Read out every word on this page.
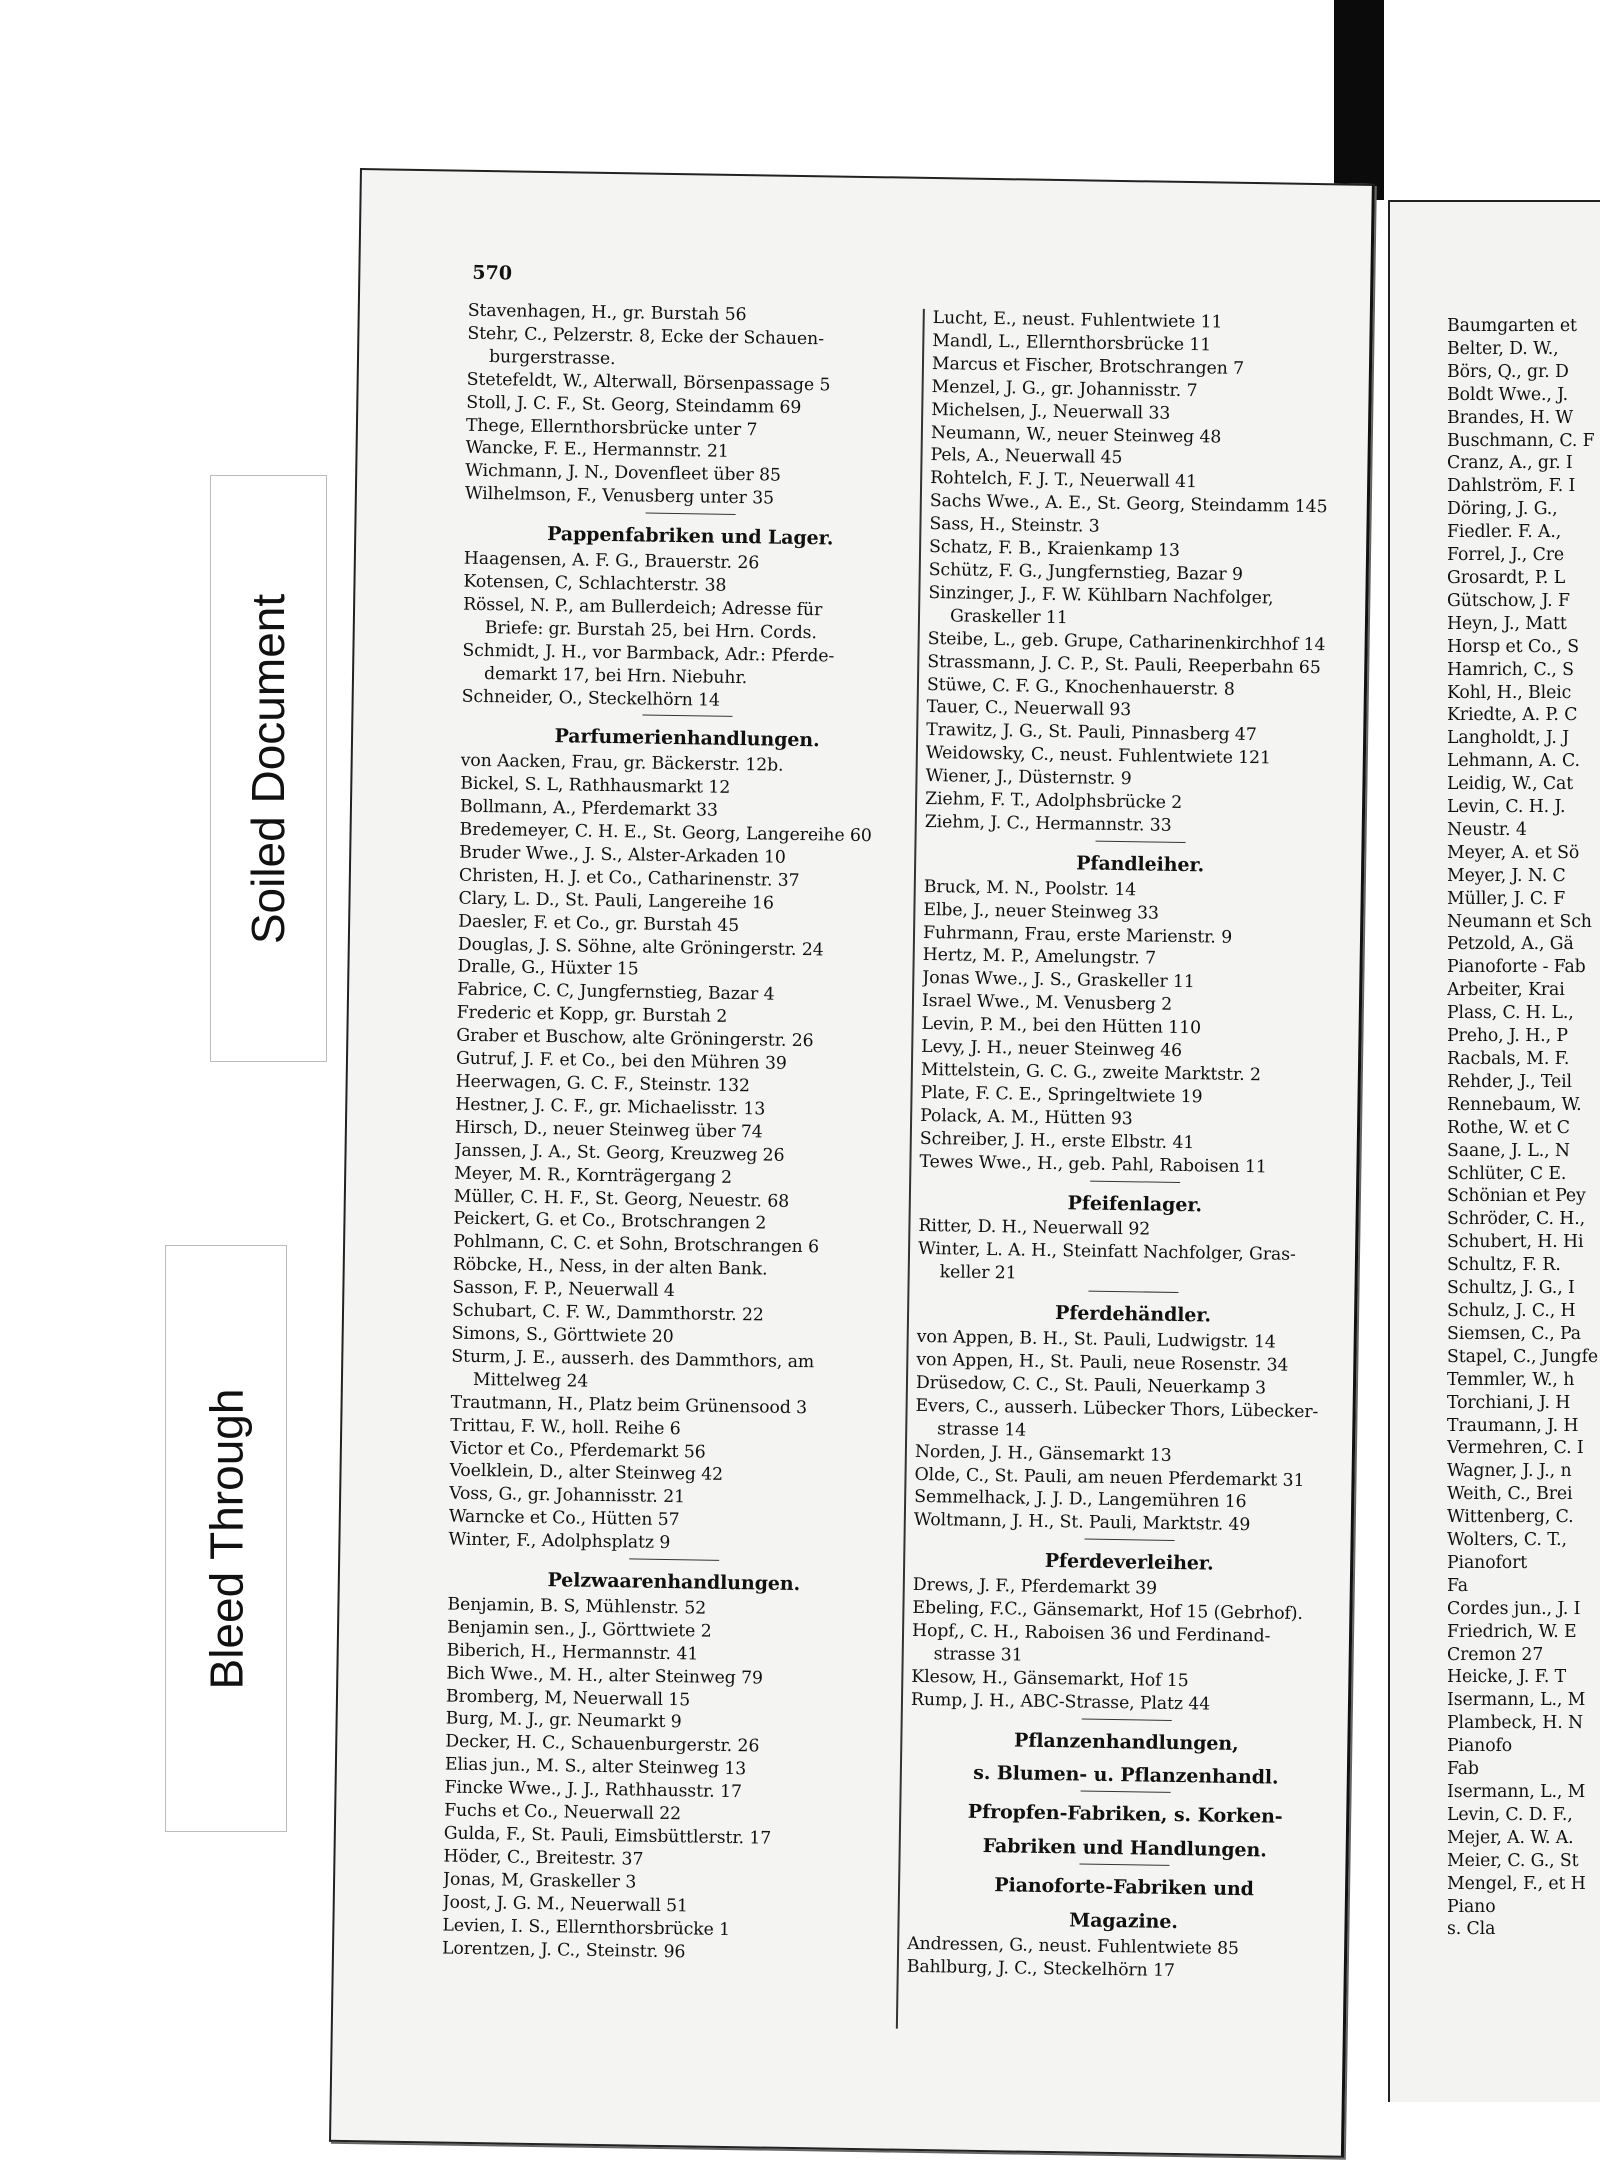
570
Stavenhagen, H., gr. Burstah 56
Stehr, C., Pelzerstr. 8, Ecke der Schauen-
burgerstrasse.
Stetefeldt, W., Alterwall, Börsenpassage 5
Stoll, J. C. F., St. Georg, Steindamm 69
Thege, Ellernthorsbrücke unter 7
Wancke, F. E., Hermannstr. 21
Wichmann, J. N., Dovenfleet über 85
Wilhelmson, F., Venusberg unter 35
Pappenfabriken und Lager.
Haagensen, A. F. G., Brauerstr. 26
Kotensen, C, Schlachterstr. 38
Rössel, N. P., am Bullerdeich; Adresse für
Briefe: gr. Burstah 25, bei Hrn. Cords.
Schmidt, J. H., vor Barmback, Adr.: Pferde-
demarkt 17, bei Hrn. Niebuhr.
Schneider, O., Steckelhörn 14
Parfumerienhandlungen.
von Aacken, Frau, gr. Bäckerstr. 12b.
Bickel, S. L, Rathhausmarkt 12
Bollmann, A., Pferdemarkt 33
Bredemeyer, C. H. E., St. Georg, Langereihe 60
Bruder Wwe., J. S., Alster-Arkaden 10
Christen, H. J. et Co., Catharinenstr. 37
Clary, L. D., St. Pauli, Langereihe 16
Daesler, F. et Co., gr. Burstah 45
Douglas, J. S. Söhne, alte Gröningerstr. 24
Dralle, G., Hüxter 15
Fabrice, C. C, Jungfernstieg, Bazar 4
Frederic et Kopp, gr. Burstah 2
Graber et Buschow, alte Gröningerstr. 26
Gutruf, J. F. et Co., bei den Mühren 39
Heerwagen, G. C. F., Steinstr. 132
Hestner, J. C. F., gr. Michaelisstr. 13
Hirsch, D., neuer Steinweg über 74
Janssen, J. A., St. Georg, Kreuzweg 26
Meyer, M. R., Kornträgergang 2
Müller, C. H. F., St. Georg, Neuestr. 68
Peickert, G. et Co., Brotschrangen 2
Pohlmann, C. C. et Sohn, Brotschrangen 6
Röbcke, H., Ness, in der alten Bank.
Sasson, F. P., Neuerwall 4
Schubart, C. F. W., Dammthorstr. 22
Simons, S., Görttwiete 20
Sturm, J. E., ausserh. des Dammthors, am
Mittelweg 24
Trautmann, H., Platz beim Grünensood 3
Trittau, F. W., holl. Reihe 6
Victor et Co., Pferdemarkt 56
Voelklein, D., alter Steinweg 42
Voss, G., gr. Johannisstr. 21
Warncke et Co., Hütten 57
Winter, F., Adolphsplatz 9
Pelzwaarenhandlungen.
Benjamin, B. S, Mühlenstr. 52
Benjamin sen., J., Görttwiete 2
Biberich, H., Hermannstr. 41
Bich Wwe., M. H., alter Steinweg 79
Bromberg, M, Neuerwall 15
Burg, M. J., gr. Neumarkt 9
Decker, H. C., Schauenburgerstr. 26
Elias jun., M. S., alter Steinweg 13
Fincke Wwe., J. J., Rathhausstr. 17
Fuchs et Co., Neuerwall 22
Gulda, F., St. Pauli, Eimsbüttlerstr. 17
Höder, C., Breitestr. 37
Jonas, M, Graskeller 3
Joost, J. G. M., Neuerwall 51
Levien, I. S., Ellernthorsbrücke 1
Lorentzen, J. C., Steinstr. 96
Lucht, E., neust. Fuhlentwiete 11
Mandl, L., Ellernthorsbrücke 11
Marcus et Fischer, Brotschrangen 7
Menzel, J. G., gr. Johannisstr. 7
Michelsen, J., Neuerwall 33
Neumann, W., neuer Steinweg 48
Pels, A., Neuerwall 45
Rohtelch, F. J. T., Neuerwall 41
Sachs Wwe., A. E., St. Georg, Steindamm 145
Sass, H., Steinstr. 3
Schatz, F. B., Kraienkamp 13
Schütz, F. G., Jungfernstieg, Bazar 9
Sinzinger, J., F. W. Kühlbarn Nachfolger,
Graskeller 11
Steibe, L., geb. Grupe, Catharinenkirchhof 14
Strassmann, J. C. P., St. Pauli, Reeperbahn 65
Stüwe, C. F. G., Knochenhauerstr. 8
Tauer, C., Neuerwall 93
Trawitz, J. G., St. Pauli, Pinnasberg 47
Weidowsky, C., neust. Fuhlentwiete 121
Wiener, J., Düsternstr. 9
Ziehm, F. T., Adolphsbrücke 2
Ziehm, J. C., Hermannstr. 33
Pfandleiher.
Bruck, M. N., Poolstr. 14
Elbe, J., neuer Steinweg 33
Fuhrmann, Frau, erste Marienstr. 9
Hertz, M. P., Amelungstr. 7
Jonas Wwe., J. S., Graskeller 11
Israel Wwe., M. Venusberg 2
Levin, P. M., bei den Hütten 110
Levy, J. H., neuer Steinweg 46
Mittelstein, G. C. G., zweite Marktstr. 2
Plate, F. C. E., Springeltwiete 19
Polack, A. M., Hütten 93
Schreiber, J. H., erste Elbstr. 41
Tewes Wwe., H., geb. Pahl, Raboisen 11
Pfeifenlager.
Ritter, D. H., Neuerwall 92
Winter, L. A. H., Steinfatt Nachfolger, Gras-
keller 21
Pferdehändler.
von Appen, B. H., St. Pauli, Ludwigstr. 14
von Appen, H., St. Pauli, neue Rosenstr. 34
Drüsedow, C. C., St. Pauli, Neuerkamp 3
Evers, C., ausserh. Lübecker Thors, Lübecker-
strasse 14
Norden, J. H., Gänsemarkt 13
Olde, C., St. Pauli, am neuen Pferdemarkt 31
Semmelhack, J. J. D., Langemühren 16
Woltmann, J. H., St. Pauli, Marktstr. 49
Pferdeverleiher.
Drews, J. F., Pferdemarkt 39
Ebeling, F.C., Gänsemarkt, Hof 15 (Gebrhof).
Hopf,, C. H., Raboisen 36 und Ferdinand-
strasse 31
Klesow, H., Gänsemarkt, Hof 15
Rump, J. H., ABC-Strasse, Platz 44
Pflanzenhandlungen,
s. Blumen- u. Pflanzenhandl.
Pfropfen-Fabriken, s. Korken-
Fabriken und Handlungen.
Pianoforte-Fabriken und
Magazine.
Andressen, G., neust. Fuhlentwiete 85
Bahlburg, J. C., Steckelhörn 17
Baumgarten et
Belter, D. W.,
Börs, Q., gr. D
Boldt Wwe., J.
Brandes, H. W
Buschmann, C. F
Cranz, A., gr. I
Dahlström, F. I
Döring, J. G.,
Fiedler. F. A.,
Forrel, J., Cre
Grosardt, P. L
Gütschow, J. F
Heyn, J., Matt
Horsp et Co., S
Hamrich, C., S
Kohl, H., Bleic
Kriedte, A. P. C
Langholdt, J. J
Lehmann, A. C.
Leidig, W., Cat
Levin, C. H. J.
Neustr. 4
Meyer, A. et Sö
Meyer, J. N. C
Müller, J. C. F
Neumann et Sch
Petzold, A., Gä
Pianoforte - Fab
Arbeiter, Krai
Plass, C. H. L.,
Preho, J. H., P
Racbals, M. F.
Rehder, J., Teil
Rennebaum, W.
Rothe, W. et C
Saane, J. L., N
Schlüter, C E.
Schönian et Pey
Schröder, C. H.,
Schubert, H. Hi
Schultz, F. R.
Schultz, J. G., I
Schulz, J. C., H
Siemsen, C., Pa
Stapel, C., Jungfe
Temmler, W., h
Torchiani, J. H
Traumann, J. H
Vermehren, C. I
Wagner, J. J., n
Weith, C., Brei
Wittenberg, C.
Wolters, C. T.,
Pianofort
Fa
Cordes jun., J. I
Friedrich, W. E
Cremon 27
Heicke, J. F. T
Isermann, L., M
Plambeck, H. N
Pianofo
Fab
Isermann, L., M
Levin, C. D. F.,
Mejer, A. W. A.
Meier, C. G., St
Mengel, F., et H
Piano
s. Cla
Soiled Document
Bleed Through
